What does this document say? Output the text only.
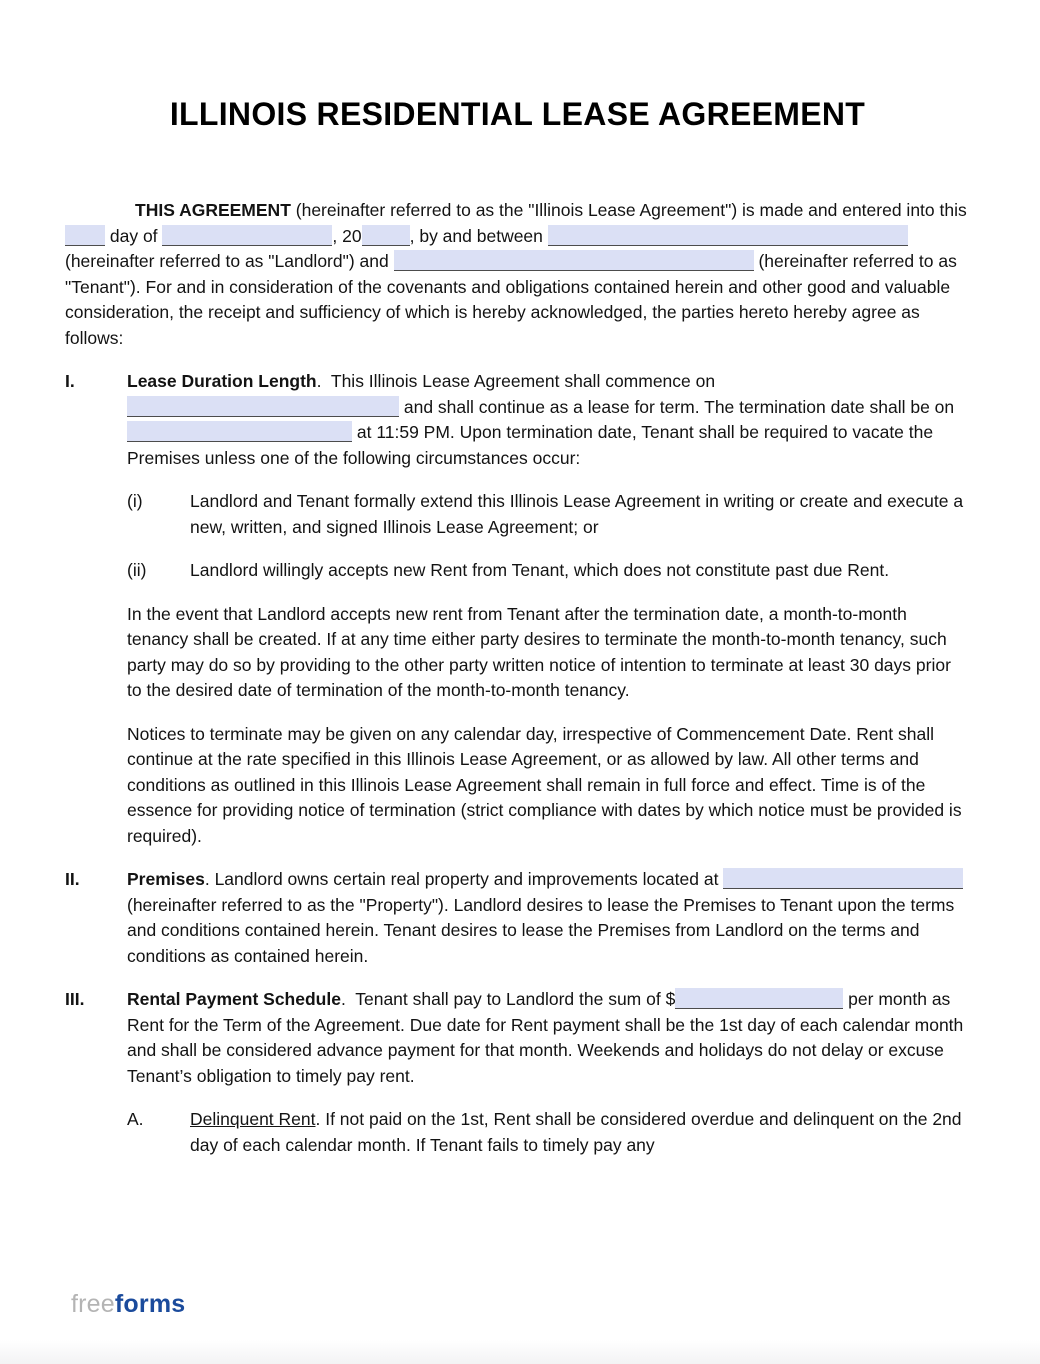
ILLINOIS RESIDENTIAL LEASE AGREEMENT

THIS AGREEMENT (hereinafter referred to as the "Illinois Lease Agreement") is made and entered into this  day of	, 20	, by and between  (hereinafter referred to as "Landlord") and	(hereinafter referred to as "Tenant"). For and in consideration of the covenants and obligations contained herein and other good and valuable consideration, the receipt and sufficiency of which is hereby acknowledged, the parties hereto hereby agree as follows:

I.	Lease Duration Length.  This Illinois Lease Agreement shall commence on  and shall continue as a lease for term. The termination date shall be on  at 11:59 PM. Upon termination date, Tenant shall be required to vacate the Premises unless one of the following circumstances occur:

(i)	Landlord and Tenant formally extend this Illinois Lease Agreement in writing or create and execute a new, written, and signed Illinois Lease Agreement; or

(ii)	Landlord willingly accepts new Rent from Tenant, which does not constitute past due Rent.

In the event that Landlord accepts new rent from Tenant after the termination date, a month-to-month tenancy shall be created. If at any time either party desires to terminate the month-to-month tenancy, such party may do so by providing to the other party written notice of intention to terminate at least 30 days prior to the desired date of termination of the month-to-month tenancy.

Notices to terminate may be given on any calendar day, irrespective of Commencement Date. Rent shall continue at the rate specified in this Illinois Lease Agreement, or as allowed by law. All other terms and conditions as outlined in this Illinois Lease Agreement shall remain in full force and effect. Time is of the essence for providing notice of termination (strict compliance with dates by which notice must be provided is required).

II.	Premises. Landlord owns certain real property and improvements located at  (hereinafter referred to as the "Property"). Landlord desires to lease the Premises to Tenant upon the terms and conditions contained herein. Tenant desires to lease the Premises from Landlord on the terms and conditions as contained herein.

III.	Rental Payment Schedule.  Tenant shall pay to Landlord the sum of $	per month as Rent for the Term of the Agreement. Due date for Rent payment shall be the 1st day of each calendar month and shall be considered advance payment for that month. Weekends and holidays do not delay or excuse Tenant’s obligation to timely pay rent.

A.	Delinquent Rent. If not paid on the 1st, Rent shall be considered overdue and delinquent on the 2nd day of each calendar month. If Tenant fails to timely pay any

freeforms
